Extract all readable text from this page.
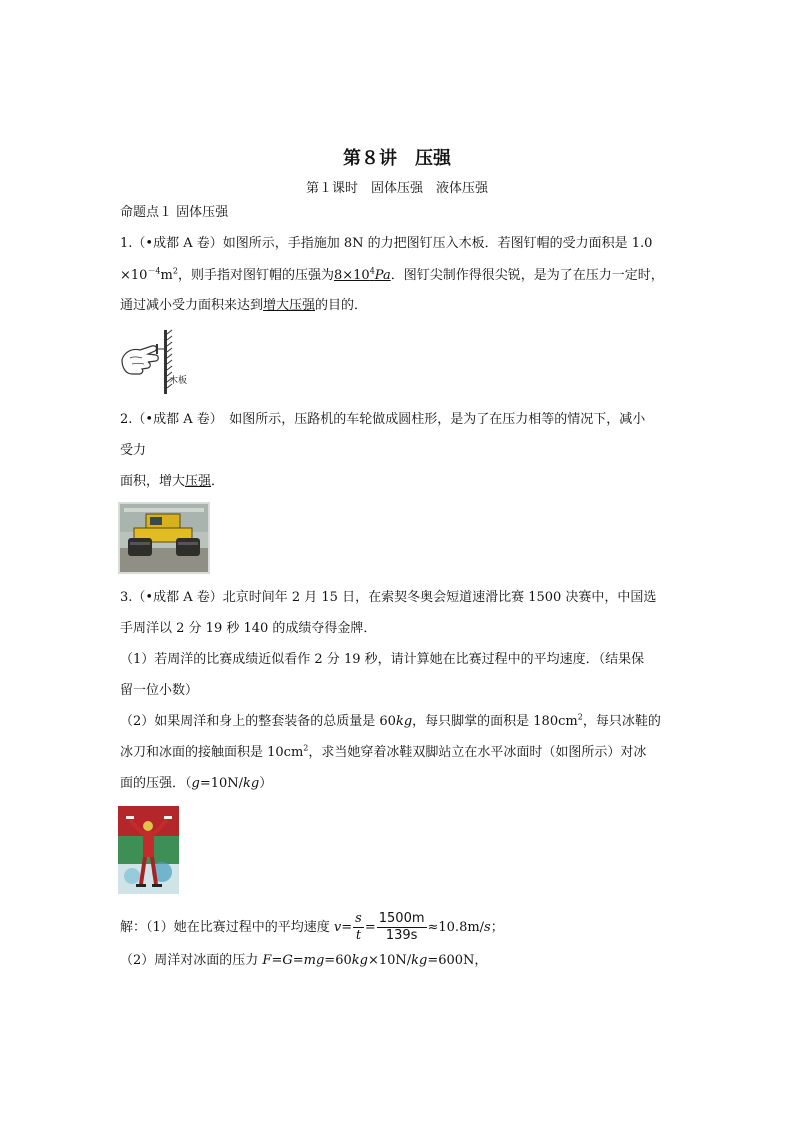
第８讲　压强
第１课时　固体压强　液体压强
命题点１ 固体压强
1.（•成都 A 卷）如图所示，手指施加 8N 的力把图钉压入木板．若图钉帽的受力面积是 1.0
$\times 10^{-4}m^2$，则手指对图钉帽的压强为$8\times 10^4Pa$．图钉尖制作得很尖锐，是为了在压力一定时，
通过减小受力面积来达到增大压强的目的．
木板
2.（•成都 A 卷）　如图所示，压路机的车轮做成圆柱形，是为了在压力相等的情况下，减小
受力
面积，增大压强．
3.（•成都 A 卷）北京时间年 2 月 15 日，在索契冬奥会短道速滑比赛 1500 决赛中，中国选
手周洋以 2 分 19 秒 140 的成绩夺得金牌．
（1）若周洋的比赛成绩近似看作 2 分 19 秒，请计算她在比赛过程中的平均速度．（结果保
留一位小数）
（2）如果周洋和身上的整套装备的总质量是 60kg，每只脚掌的面积是 $180cm^2$，每只冰鞋的
冰刀和冰面的接触面积是 $10cm^2$，求当她穿着冰鞋双脚站立在水平冰面时（如图所示）对冰
面的压强．（g=10N/kg）
解：（1）她在比赛过程中的平均速度 $v= \frac{s}{t} = \frac{1500m}{139s} \approx 10.8m/s$；
（2）周洋对冰面的压力 F=G=mg=60kg×10N/kg=600N，
